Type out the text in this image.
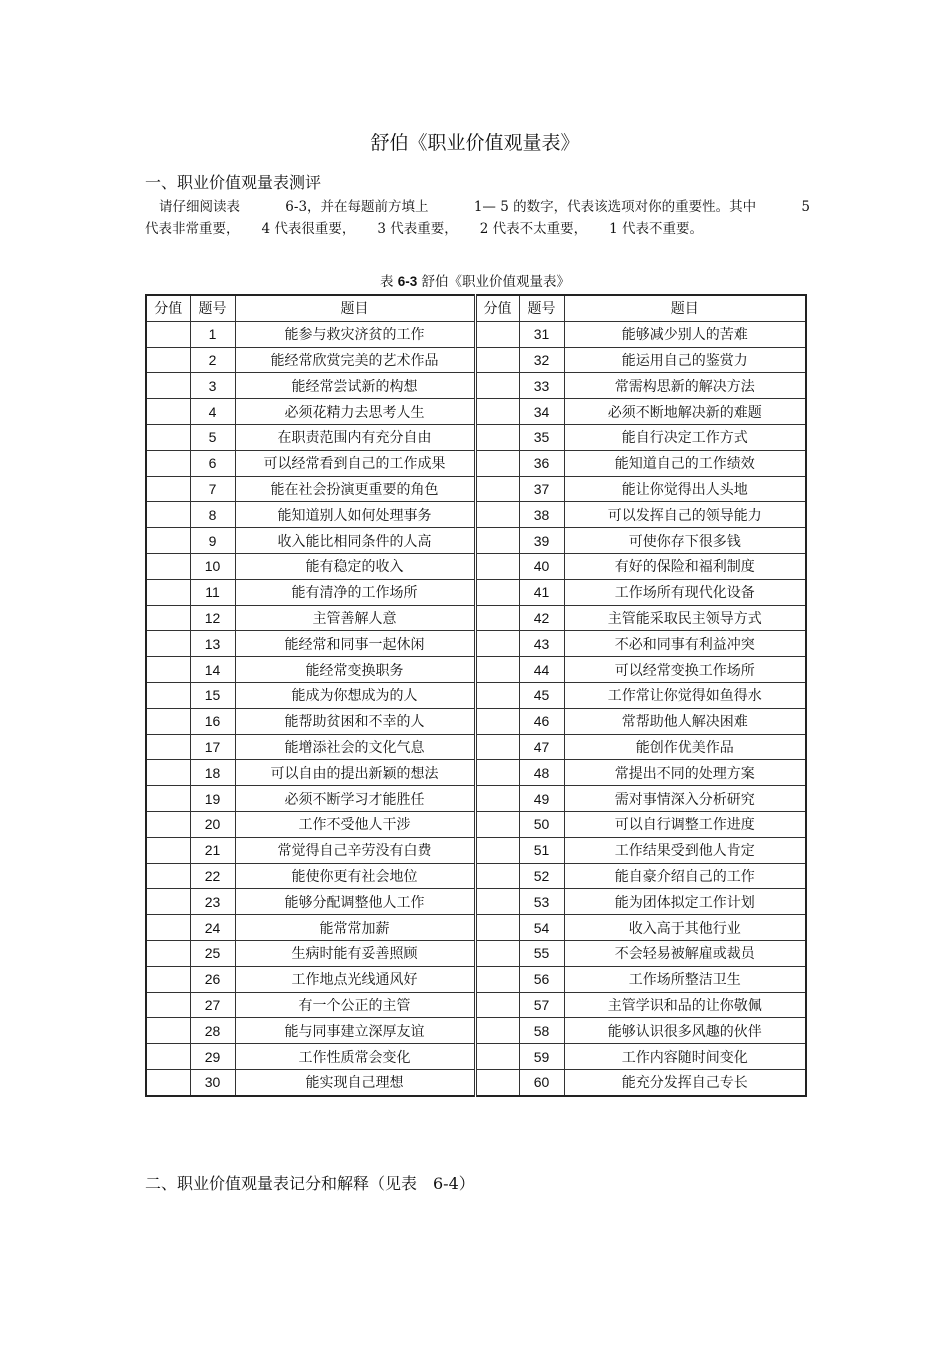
舒伯《职业价值观量表》
一、职业价值观量表测评
请仔细阅读表	6-3，并在每题前方填上	1— 5 的数字，代表该选项对你的重要性。其中	5
代表非常重要， 4 代表很重要， 3 代表重要， 2 代表不太重要， 1 代表不重要。
表 6-3 舒伯《职业价值观量表》
分值	题号	题目	分值	题号	题目
	1	能参与救灾济贫的工作		31	能够减少别人的苦难
	2	能经常欣赏完美的艺术作品		32	能运用自己的鉴赏力
	3	能经常尝试新的构想		33	常需构思新的解决方法
	4	必须花精力去思考人生		34	必须不断地解决新的难题
	5	在职责范围内有充分自由		35	能自行决定工作方式
	6	可以经常看到自己的工作成果		36	能知道自己的工作绩效
	7	能在社会扮演更重要的角色		37	能让你觉得出人头地
	8	能知道别人如何处理事务		38	可以发挥自己的领导能力
	9	收入能比相同条件的人高		39	可使你存下很多钱
	10	能有稳定的收入		40	有好的保险和福利制度
	11	能有清净的工作场所		41	工作场所有现代化设备
	12	主管善解人意		42	主管能采取民主领导方式
	13	能经常和同事一起休闲		43	不必和同事有利益冲突
	14	能经常变换职务		44	可以经常变换工作场所
	15	能成为你想成为的人		45	工作常让你觉得如鱼得水
	16	能帮助贫困和不幸的人		46	常帮助他人解决困难
	17	能增添社会的文化气息		47	能创作优美作品
	18	可以自由的提出新颖的想法		48	常提出不同的处理方案
	19	必须不断学习才能胜任		49	需对事情深入分析研究
	20	工作不受他人干涉		50	可以自行调整工作进度
	21	常觉得自己辛劳没有白费		51	工作结果受到他人肯定
	22	能使你更有社会地位		52	能自豪介绍自己的工作
	23	能够分配调整他人工作		53	能为团体拟定工作计划
	24	能常常加薪		54	收入高于其他行业
	25	生病时能有妥善照顾		55	不会轻易被解雇或裁员
	26	工作地点光线通风好		56	工作场所整洁卫生
	27	有一个公正的主管		57	主管学识和品的让你敬佩
	28	能与同事建立深厚友谊		58	能够认识很多风趣的伙伴
	29	工作性质常会变化		59	工作内容随时间变化
	30	能实现自己理想		60	能充分发挥自己专长
二、职业价值观量表记分和解释（见表　6-4）
